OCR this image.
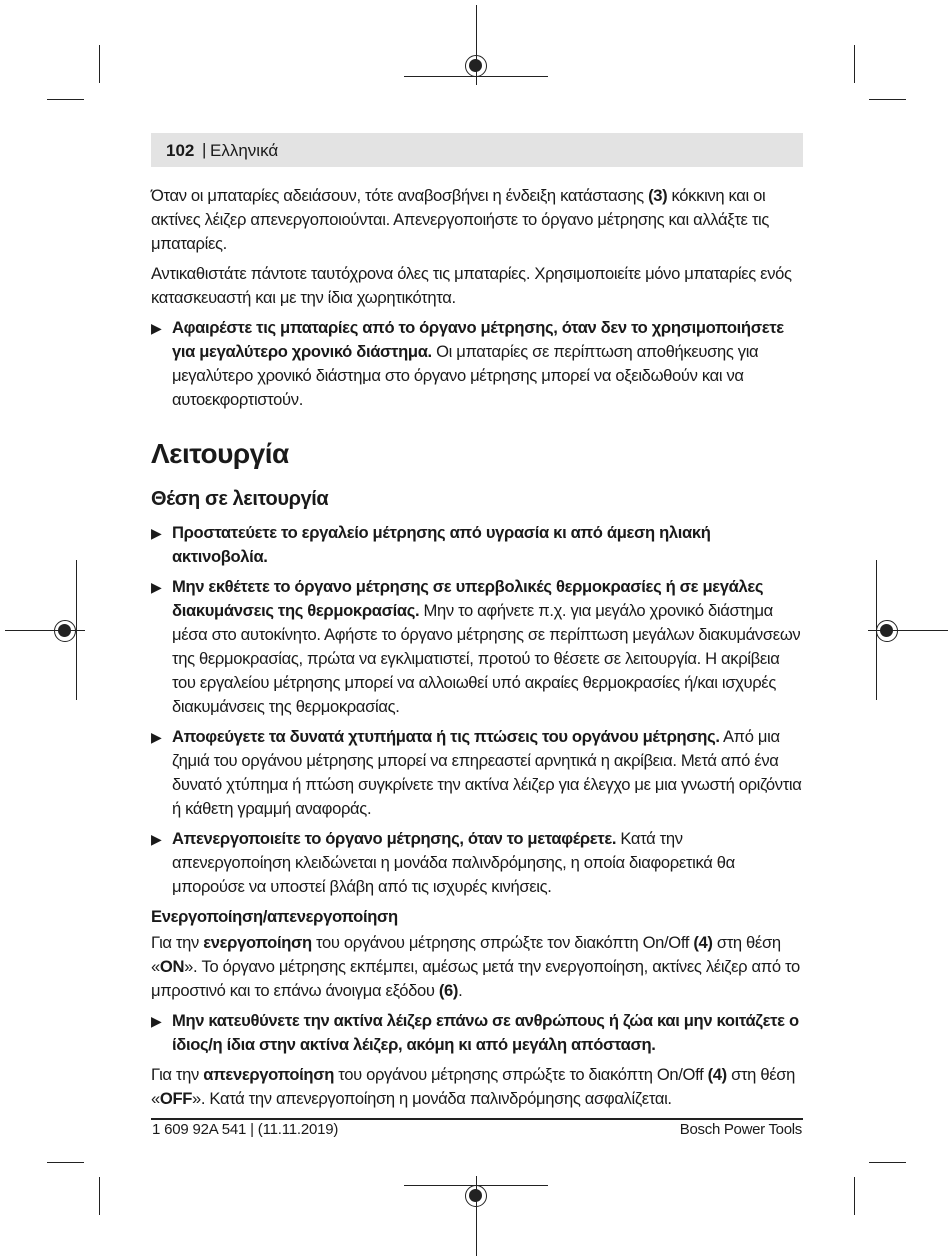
102 | Ελληνικά

Όταν οι μπαταρίες αδειάσουν, τότε αναβοσβήνει η ένδειξη κατάστασης (3) κόκκινη και οι ακτίνες λέιζερ απενεργοποιούνται. Απενεργοποιήστε το όργανο μέτρησης και αλλάξτε τις μπαταρίες.

Αντικαθιστάτε πάντοτε ταυτόχρονα όλες τις μπαταρίες. Χρησιμοποιείτε μόνο μπαταρίες ενός κατασκευαστή και με την ίδια χωρητικότητα.

▶ Αφαιρέστε τις μπαταρίες από το όργανο μέτρησης, όταν δεν το χρησιμοποιήσετε για μεγαλύτερο χρονικό διάστημα. Οι μπαταρίες σε περίπτωση αποθήκευσης για μεγαλύτερο χρονικό διάστημα στο όργανο μέτρησης μπορεί να οξειδωθούν και να αυτοεκφορτιστούν.
Λειτουργία
Θέση σε λειτουργία
▶ Προστατεύετε το εργαλείο μέτρησης από υγρασία κι από άμεση ηλιακή ακτινοβολία.
▶ Μην εκθέτετε το όργανο μέτρησης σε υπερβολικές θερμοκρασίες ή σε μεγάλες διακυμάνσεις της θερμοκρασίας. Μην το αφήνετε π.χ. για μεγάλο χρονικό διάστημα μέσα στο αυτοκίνητο. Αφήστε το όργανο μέτρησης σε περίπτωση μεγάλων διακυμάνσεων της θερμοκρασίας, πρώτα να εγκλιματιστεί, προτού το θέσετε σε λειτουργία. Η ακρίβεια του εργαλείου μέτρησης μπορεί να αλλοιωθεί υπό ακραίες θερμοκρασίες ή/και ισχυρές διακυμάνσεις της θερμοκρασίας.
▶ Αποφεύγετε τα δυνατά χτυπήματα ή τις πτώσεις του οργάνου μέτρησης. Από μια ζημιά του οργάνου μέτρησης μπορεί να επηρεαστεί αρνητικά η ακρίβεια. Μετά από ένα δυνατό χτύπημα ή πτώση συγκρίνετε την ακτίνα λέιζερ για έλεγχο με μια γνωστή οριζόντια ή κάθετη γραμμή αναφοράς.
▶ Απενεργοποιείτε το όργανο μέτρησης, όταν το μεταφέρετε. Κατά την απενεργοποίηση κλειδώνεται η μονάδα παλινδρόμησης, η οποία διαφορετικά θα μπορούσε να υποστεί βλάβη από τις ισχυρές κινήσεις.
Ενεργοποίηση/απενεργοποίηση

Για την ενεργοποίηση του οργάνου μέτρησης σπρώξτε τον διακόπτη On/Off (4) στη θέση «ON». Το όργανο μέτρησης εκπέμπει, αμέσως μετά την ενεργοποίηση, ακτίνες λέιζερ από το μπροστινό και το επάνω άνοιγμα εξόδου (6).

▶ Μην κατευθύνετε την ακτίνα λέιζερ επάνω σε ανθρώπους ή ζώα και μην κοιτάζετε ο ίδιος/η ίδια στην ακτίνα λέιζερ, ακόμη κι από μεγάλη απόσταση.

Για την απενεργοποίηση του οργάνου μέτρησης σπρώξτε το διακόπτη On/Off (4) στη θέση «OFF». Κατά την απενεργοποίηση η μονάδα παλινδρόμησης ασφαλίζεται.

1 609 92A 541 | (11.11.2019)	Bosch Power Tools
